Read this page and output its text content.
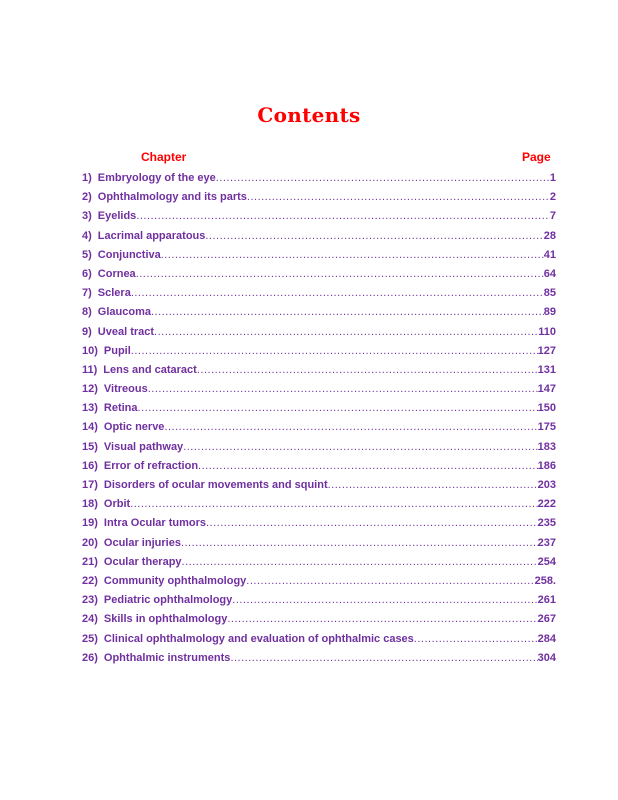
Contents
Chapter	Page
1) Embryology of the eye .....	1
2) Ophthalmology and its parts .....	2
3) Eyelids .....	7
4) Lacrimal apparatous .....	28
5) Conjunctiva .....	41
6) Cornea .....	64
7) Sclera .....	85
8) Glaucoma .....	89
9) Uveal tract .....	110
10) Pupil .....	127
11) Lens and cataract .....	131
12) Vitreous .....	147
13) Retina .....	150
14) Optic nerve .....	175
15) Visual pathway .....	183
16) Error of refraction .....	186
17) Disorders of ocular movements and squint .....	203
18) Orbit .....	222
19) Intra Ocular tumors .....	235
20) Ocular injuries .....	237
21) Ocular therapy .....	254
22) Community ophthalmology .....	258.
23) Pediatric ophthalmology .....	261
24) Skills in ophthalmology .....	267
25) Clinical ophthalmology and evaluation of ophthalmic cases .....	284
26) Ophthalmic instruments .....	304
